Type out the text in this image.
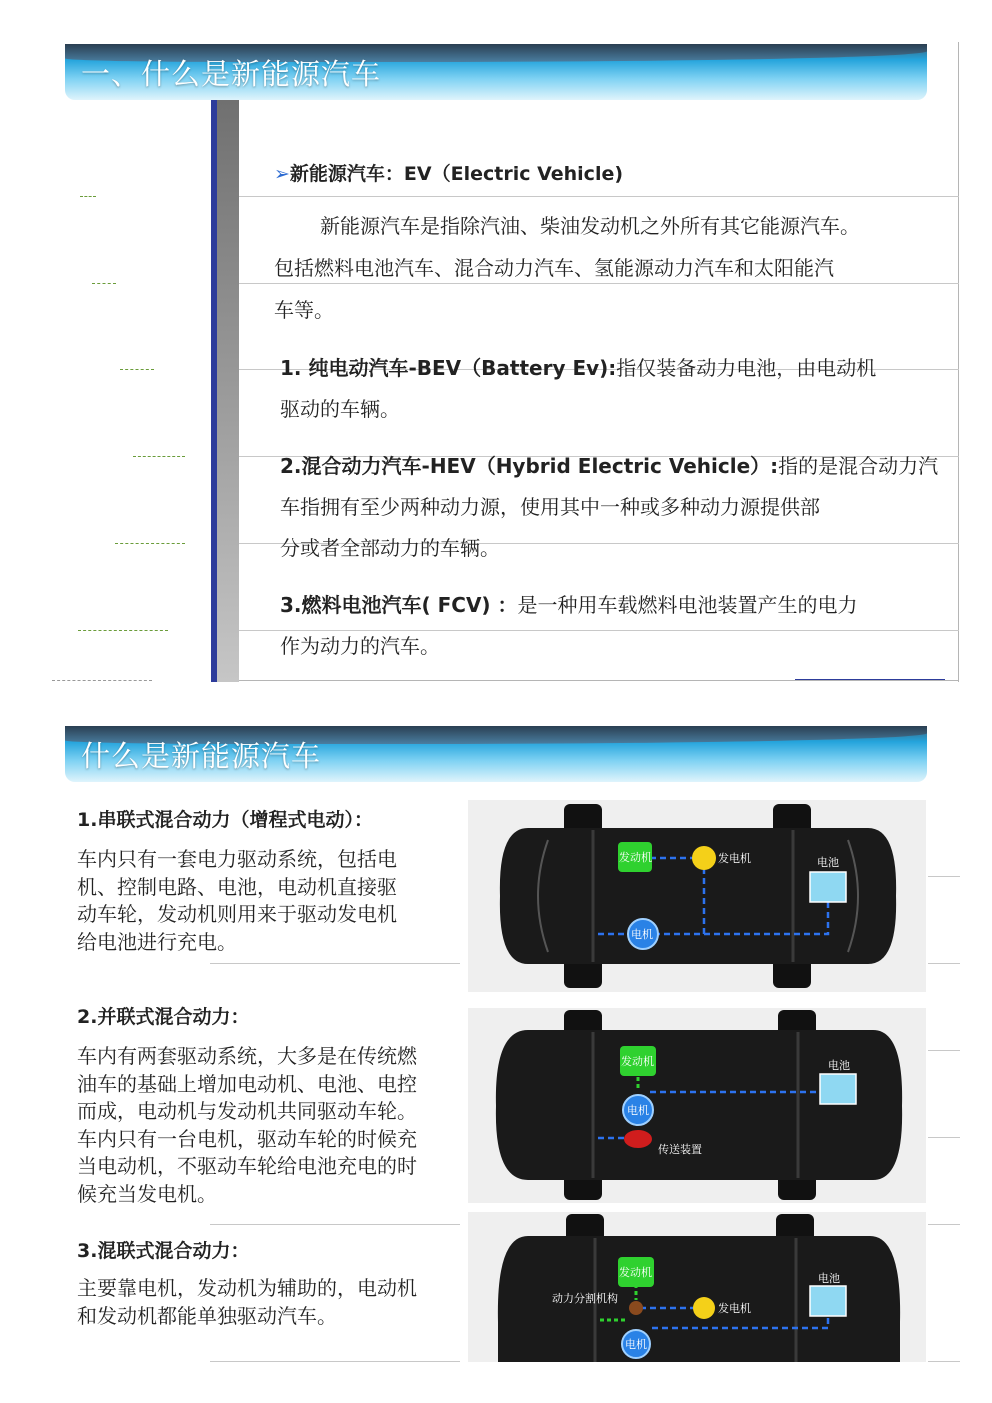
一、什么是新能源汽车
➢新能源汽车：EV（Electric Vehicle)
新能源汽车是指除汽油、柴油发动机之外所有其它能源汽车。
包括燃料电池汽车、混合动力汽车、氢能源动力汽车和太阳能汽
车等。
1. 纯电动汽车-BEV（Battery Ev):指仅装备动力电池，由电动机
驱动的车辆。
2.混合动力汽车-HEV（Hybrid Electric Vehicle）:指的是混合动力汽
车指拥有至少两种动力源，使用其中一种或多种动力源提供部
分或者全部动力的车辆。
3.燃料电池汽车( FCV) ：是一种用车载燃料电池装置产生的电力
作为动力的汽车。
什么是新能源汽车
1.串联式混合动力（增程式电动）：
车内只有一套电力驱动系统，包括电
机、控制电路、电池，电动机直接驱
动车轮，发动机则用来于驱动发电机
给电池进行充电。
2.并联式混合动力：
车内有两套驱动系统，大多是在传统燃
油车的基础上增加电动机、电池、电控
而成，电动机与发动机共同驱动车轮。
车内只有一台电机，驱动车轮的时候充
当电动机，不驱动车轮给电池充电的时
候充当发电机。
3.混联式混合动力：
主要靠电机，发动机为辅助的，电动机
和发动机都能单独驱动汽车。
发动机	发电机	电池
电机
发动机	电池
电机
传送装置
发动机
动力分割机构
发电机
电池
电机
